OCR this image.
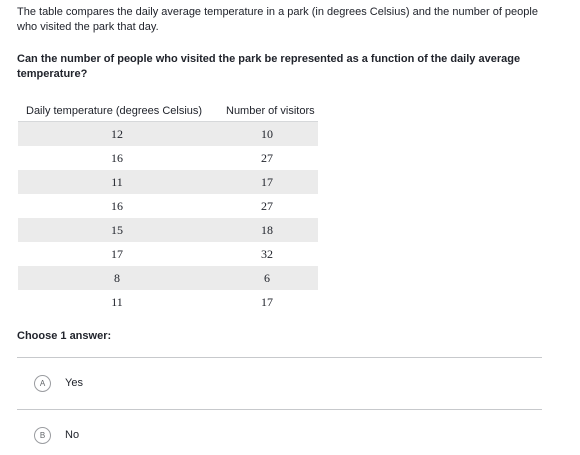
The table compares the daily average temperature in a park (in degrees Celsius) and the number of people who visited the park that day.

Can the number of people who visited the park be represented as a function of the daily average temperature?

Daily temperature (degrees Celsius)	Number of visitors
12	10
16	27
11	17
16	27
15	18
17	32
8	6
11	17
Choose 1 answer:
A	Yes
B	No
